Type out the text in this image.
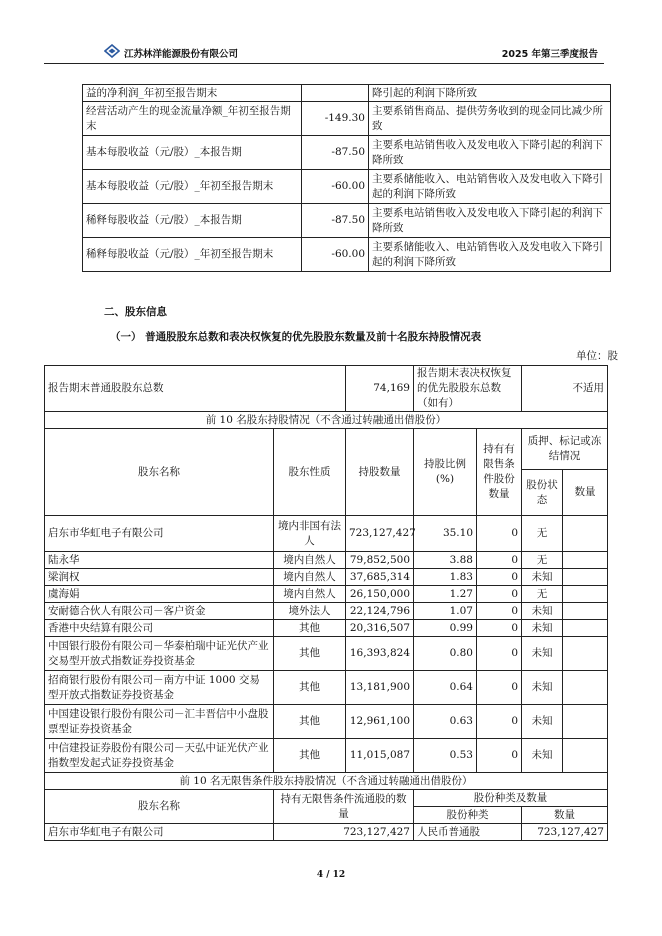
江苏林洋能源股份有限公司	2025 年第三季度报告
益的净利润_年初至报告期末		降引起的利润下降所致
经营活动产生的现金流量净额_年初至报告期末	-149.30	主要系销售商品、提供劳务收到的现金同比减少所致
基本每股收益（元/股）_本报告期	-87.50	主要系电站销售收入及发电收入下降引起的利润下降所致
基本每股收益（元/股）_年初至报告期末	-60.00	主要系储能收入、电站销售收入及发电收入下降引起的利润下降所致
稀释每股收益（元/股）_本报告期	-87.50	主要系电站销售收入及发电收入下降引起的利润下降所致
稀释每股收益（元/股）_年初至报告期末	-60.00	主要系储能收入、电站销售收入及发电收入下降引起的利润下降所致
二、股东信息
（一） 普通股股东总数和表决权恢复的优先股股东数量及前十名股东持股情况表
单位：股
报告期末普通股股东总数		74,169	报告期末表决权恢复的优先股股东总数（如有）		不适用	
前 10 名股东持股情况（不含通过转融通出借股份）						
股东名称	股东性质	持股数量	持股比例(%)	持有有限售条件股份数量	质押、标记或冻结情况	
					股份状态	数量
启东市华虹电子有限公司	境内非国有法人	723,127,427	35.10	0	无	
陆永华	境内自然人	79,852,500	3.88	0	无	
梁润权	境内自然人	37,685,314	1.83	0	未知	
虞海娟	境内自然人	26,150,000	1.27	0	无	
安耐德合伙人有限公司－客户资金	境外法人	22,124,796	1.07	0	未知	
香港中央结算有限公司	其他	20,316,507	0.99	0	未知	
中国银行股份有限公司－华泰柏瑞中证光伏产业交易型开放式指数证券投资基金	其他	16,393,824	0.80	0	未知	
招商银行股份有限公司－南方中证 1000 交易型开放式指数证券投资基金	其他	13,181,900	0.64	0	未知	
中国建设银行股份有限公司－汇丰晋信中小盘股票型证券投资基金	其他	12,961,100	0.63	0	未知	
中信建投证券股份有限公司－天弘中证光伏产业指数型发起式证券投资基金	其他	11,015,087	0.53	0	未知	
前 10 名无限售条件股东持股情况（不含通过转融通出借股份）						
股东名称	持有无限售条件流通股的数量		股份种类及数量			
			股份种类		数量	
启东市华虹电子有限公司	723,127,427		人民币普通股		723,127,427	
4 / 12
